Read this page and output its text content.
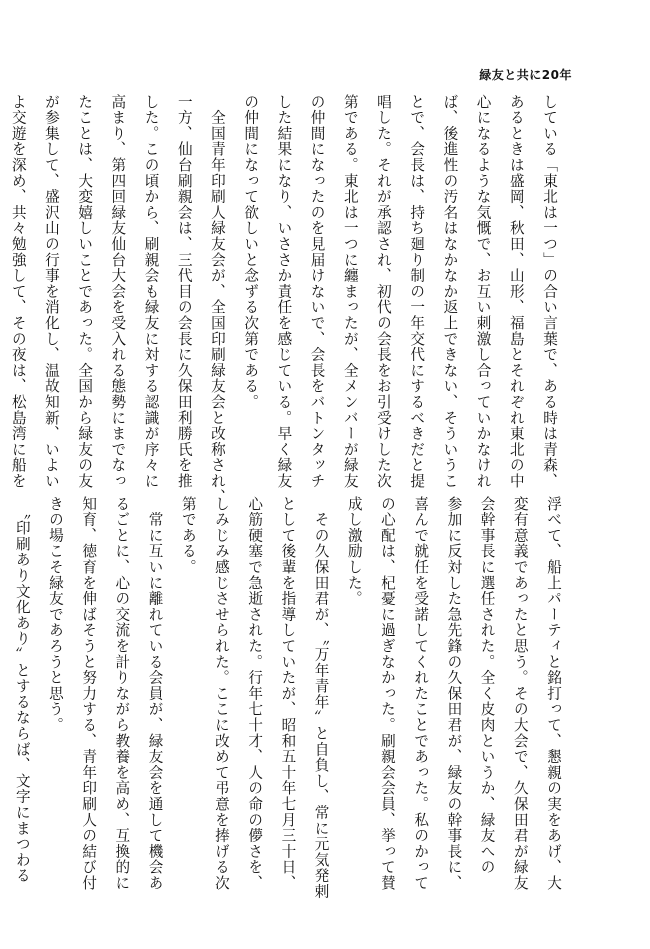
緑友と共に20年
している「東北は一つ」の合い言葉で、ある時は青森、
あるときは盛岡、秋田、山形、福島とそれぞれ東北の中
心になるような気慨で、お互い刺激し合っていかなけれ
ば、後進性の汚名はなかなか返上できない、そういうこ
とで、会長は、持ち廻り制の一年交代にするべきだと提
唱した。それが承認され、初代の会長をお引受けした次
第である。東北は一つに纏まったが、全メンバーが緑友
の仲間になったのを見届けないで、会長をバトンタッチ
した結果になり、いささか責任を感じている。早く緑友
の仲間になって欲しいと念ずる次第である。
　全国青年印刷人緑友会が、全国印刷緑友会と改称され、
一方、仙台刷親会は、三代目の会長に久保田利勝氏を推
した。この頃から、刷親会も緑友に対する認識が序々に
高まり、第四回緑友仙台大会を受入れる態勢にまでなっ
たことは、大変嬉しいことであった。全国から緑友の友
が参集して、盛沢山の行事を消化し、温故知新、いよい
よ交遊を深め、共々勉強して、その夜は、松島湾に船を
浮べて、船上パーティと銘打って、懇親の実をあげ、大
変有意義であったと思う。その大会で、久保田君が緑友
会幹事長に選任された。全く皮肉というか、緑友への
参加に反対した急先鋒の久保田君が、緑友の幹事長に、
喜んで就任を受諾してくれたことであった。私のかって
の心配は、杞憂に過ぎなかった。刷親会会員、挙って賛
成し激励した。
　その久保田君が、〝万年青年〟と自負し、常に元気発剌
として後輩を指導していたが、昭和五十年七月三十日、
心筋硬塞で急逝された。行年七十才、人の命の儚さを、
しみじみ感じさせられた。ここに改めて弔意を捧げる次
第である。
　常に互いに離れている会員が、緑友会を通して機会あ
るごとに、心の交流を計りながら教養を高め、互換的に
知育、徳育を伸ばそうと努力する、青年印刷人の結び付
きの場こそ緑友であろうと思う。
　〝印刷あり文化あり〟とするならば、文字にまつわる
